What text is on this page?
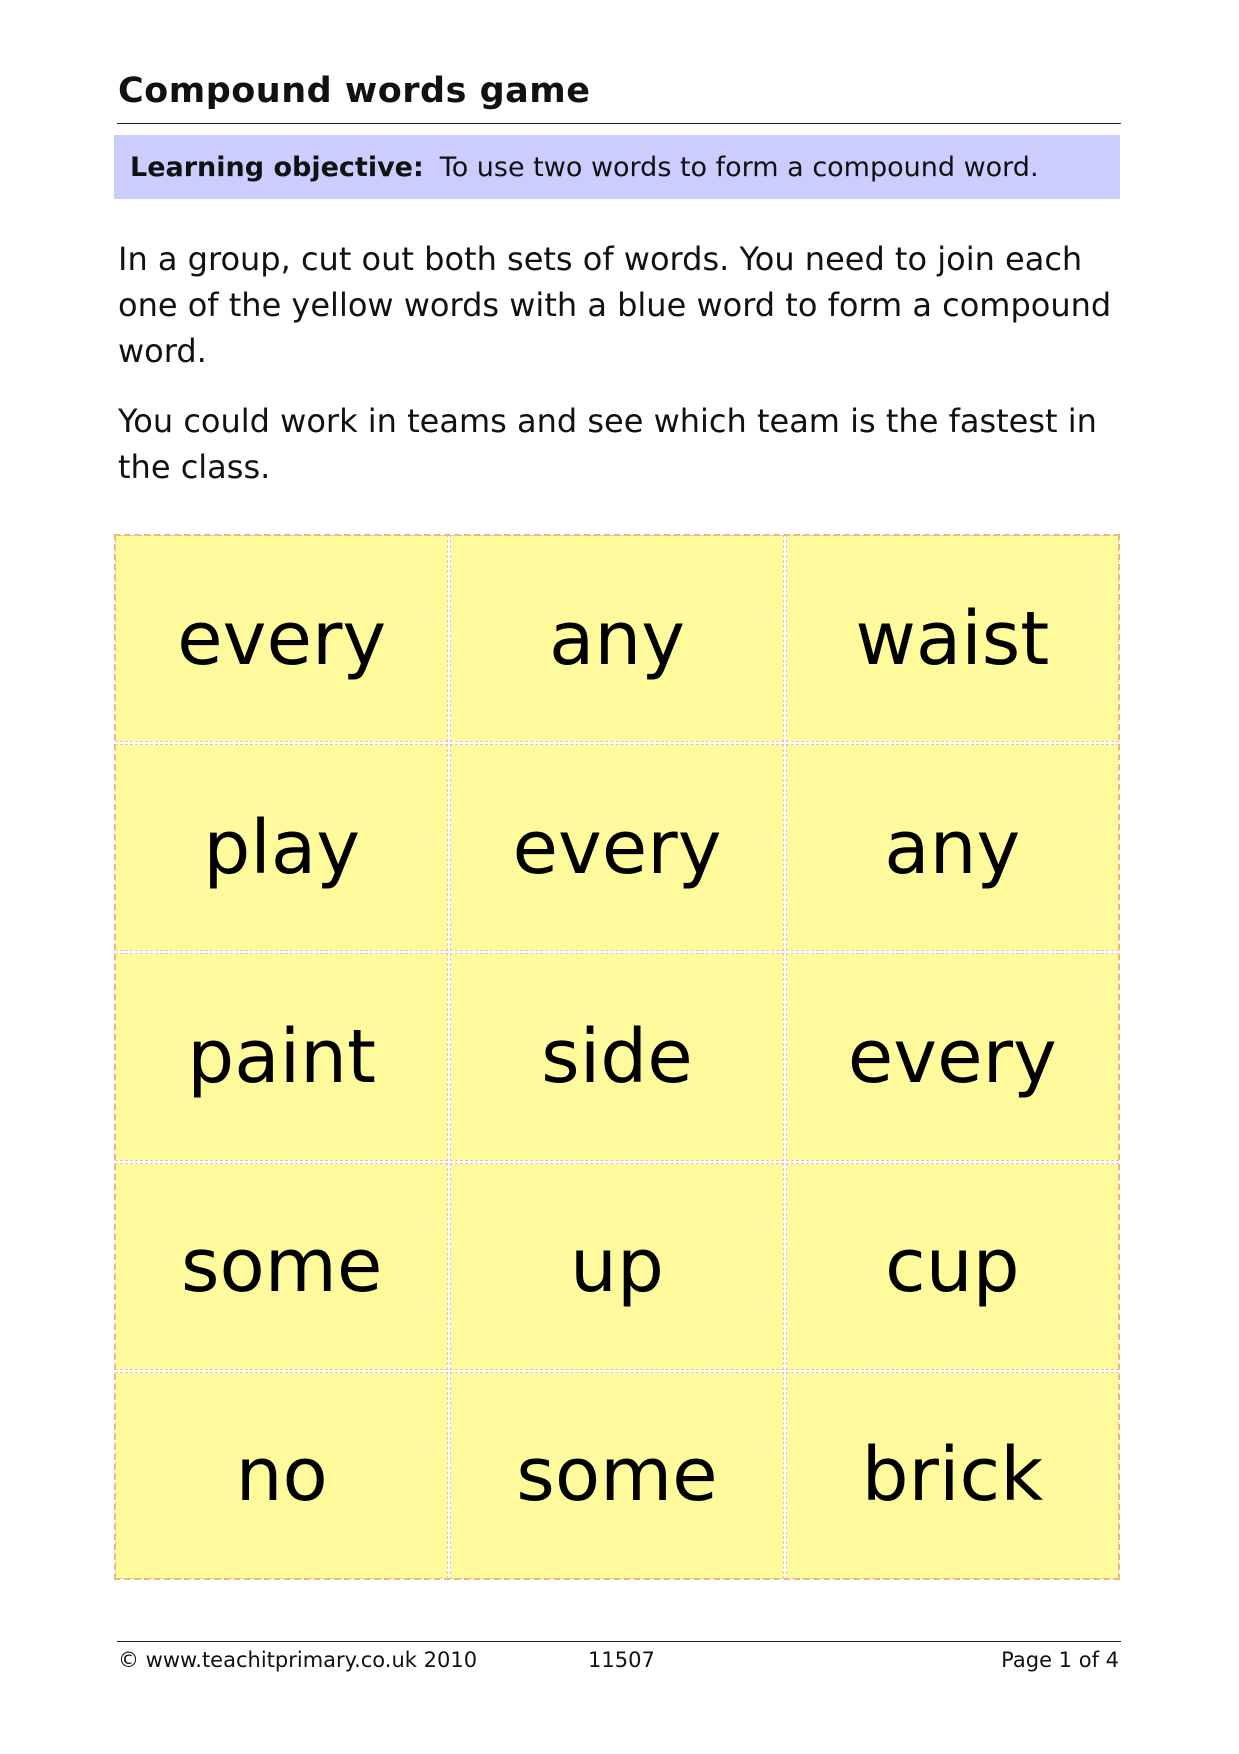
Compound words game
Learning objective: To use two words to form a compound word.

In a group, cut out both sets of words. You need to join each one of the yellow words with a blue word to form a compound word.

You could work in teams and see which team is the fastest in the class.

every	any	waist
play	every	any
paint	side	every
some	up	cup
no	some	brick
© www.teachitprimary.co.uk 2010	11507	Page 1 of 4
